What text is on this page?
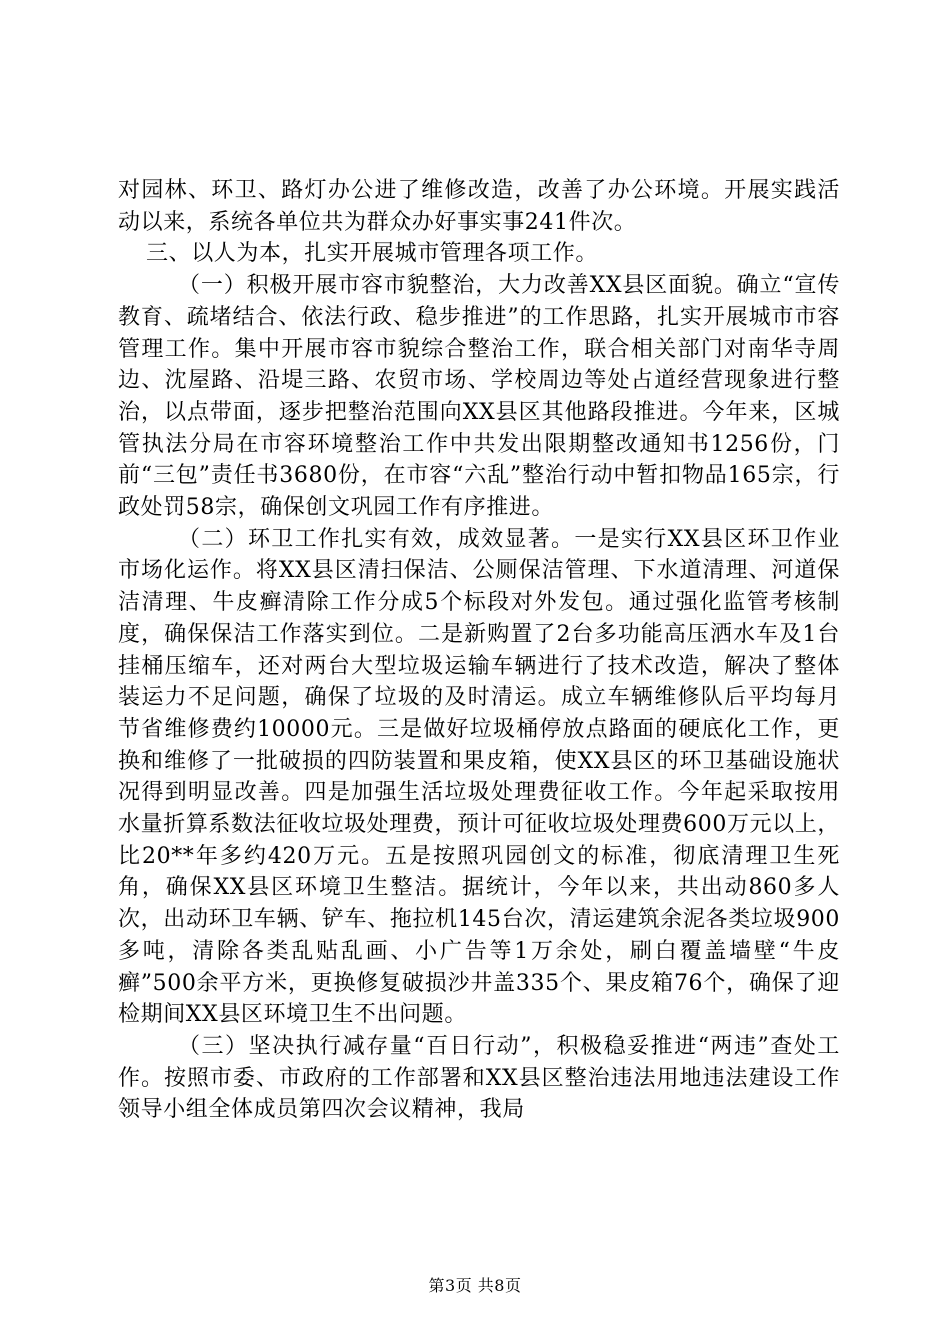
对园林、环卫、路灯办公进了维修改造，改善了办公环境。开展实践活动以来，系统各单位共为群众办好事实事241件次。

三、以人为本，扎实开展城市管理各项工作。

（一）积极开展市容市貌整治，大力改善XX县区面貌。确立“宣传教育、疏堵结合、依法行政、稳步推进”的工作思路，扎实开展城市市容管理工作。集中开展市容市貌综合整治工作，联合相关部门对南华寺周边、沈屋路、沿堤三路、农贸市场、学校周边等处占道经营现象进行整治，以点带面，逐步把整治范围向XX县区其他路段推进。今年来，区城管执法分局在市容环境整治工作中共发出限期整改通知书1256份，门前“三包”责任书3680份，在市容“六乱”整治行动中暂扣物品165宗，行政处罚58宗，确保创文巩园工作有序推进。

（二）环卫工作扎实有效，成效显著。一是实行XX县区环卫作业市场化运作。将XX县区清扫保洁、公厕保洁管理、下水道清理、河道保洁清理、牛皮癣清除工作分成5个标段对外发包。通过强化监管考核制度，确保保洁工作落实到位。二是新购置了2台多功能高压洒水车及1台挂桶压缩车，还对两台大型垃圾运输车辆进行了技术改造，解决了整体装运力不足问题，确保了垃圾的及时清运。成立车辆维修队后平均每月节省维修费约10000元。三是做好垃圾桶停放点路面的硬底化工作，更换和维修了一批破损的四防装置和果皮箱，使XX县区的环卫基础设施状况得到明显改善。四是加强生活垃圾处理费征收工作。今年起采取按用水量折算系数法征收垃圾处理费，预计可征收垃圾处理费600万元以上，比20**年多约420万元。五是按照巩园创文的标准，彻底清理卫生死角，确保XX县区环境卫生整洁。据统计，今年以来，共出动860多人次，出动环卫车辆、铲车、拖拉机145台次，清运建筑余泥各类垃圾900多吨，清除各类乱贴乱画、小广告等1万余处，刷白覆盖墙壁“牛皮癣”500余平方米，更换修复破损沙井盖335个、果皮箱76个，确保了迎检期间XX县区环境卫生不出问题。

（三）坚决执行减存量“百日行动”，积极稳妥推进“两违”查处工作。按照市委、市政府的工作部署和XX县区整治违法用地违法建设工作领导小组全体成员第四次会议精神，我局

第3页 共8页
